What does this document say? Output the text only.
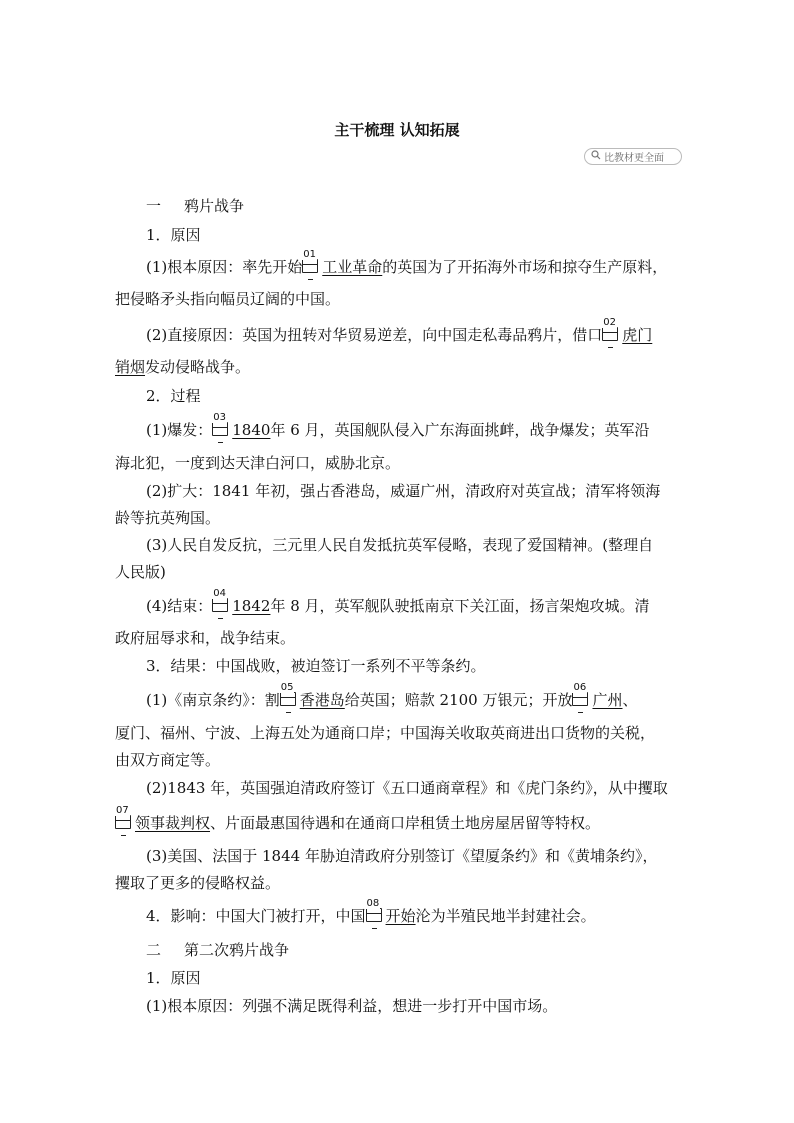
主干梳理 认知拓展
比教材更全面
一 鸦片战争
1．原因
(1)根本原因：率先开始
01
工业革命的英国为了开拓海外市场和掠夺生产原料，
把侵略矛头指向幅员辽阔的中国。
(2)直接原因：英国为扭转对华贸易逆差，向中国走私毒品鸦片，借口
02
虎门
销烟发动侵略战争。
2．过程
(1)爆发：
03
1840年 6 月，英国舰队侵入广东海面挑衅，战争爆发；英军沿
海北犯，一度到达天津白河口，威胁北京。
(2)扩大：1841 年初，强占香港岛，威逼广州，清政府对英宣战；清军将领海
龄等抗英殉国。
(3)人民自发反抗，三元里人民自发抵抗英军侵略，表现了爱国精神。(整理自
人民版)
(4)结束：
04
1842年 8 月，英军舰队驶抵南京下关江面，扬言架炮攻城。清
政府屈辱求和，战争结束。
3．结果：中国战败，被迫签订一系列不平等条约。
(1)《南京条约》：割
05
香港岛给英国；赔款 2100 万银元；开放
06
广州、
厦门、福州、宁波、上海五处为通商口岸；中国海关收取英商进出口货物的关税，
由双方商定等。
(2)1843 年，英国强迫清政府签订《五口通商章程》和《虎门条约》，从中攫取
07
领事裁判权、片面最惠国待遇和在通商口岸租赁土地房屋居留等特权。
(3)美国、法国于 1844 年胁迫清政府分别签订《望厦条约》和《黄埔条约》，
攫取了更多的侵略权益。
4．影响：中国大门被打开，中国
08
开始沦为半殖民地半封建社会。
二 第二次鸦片战争
1．原因
(1)根本原因：列强不满足既得利益，想进一步打开中国市场。
